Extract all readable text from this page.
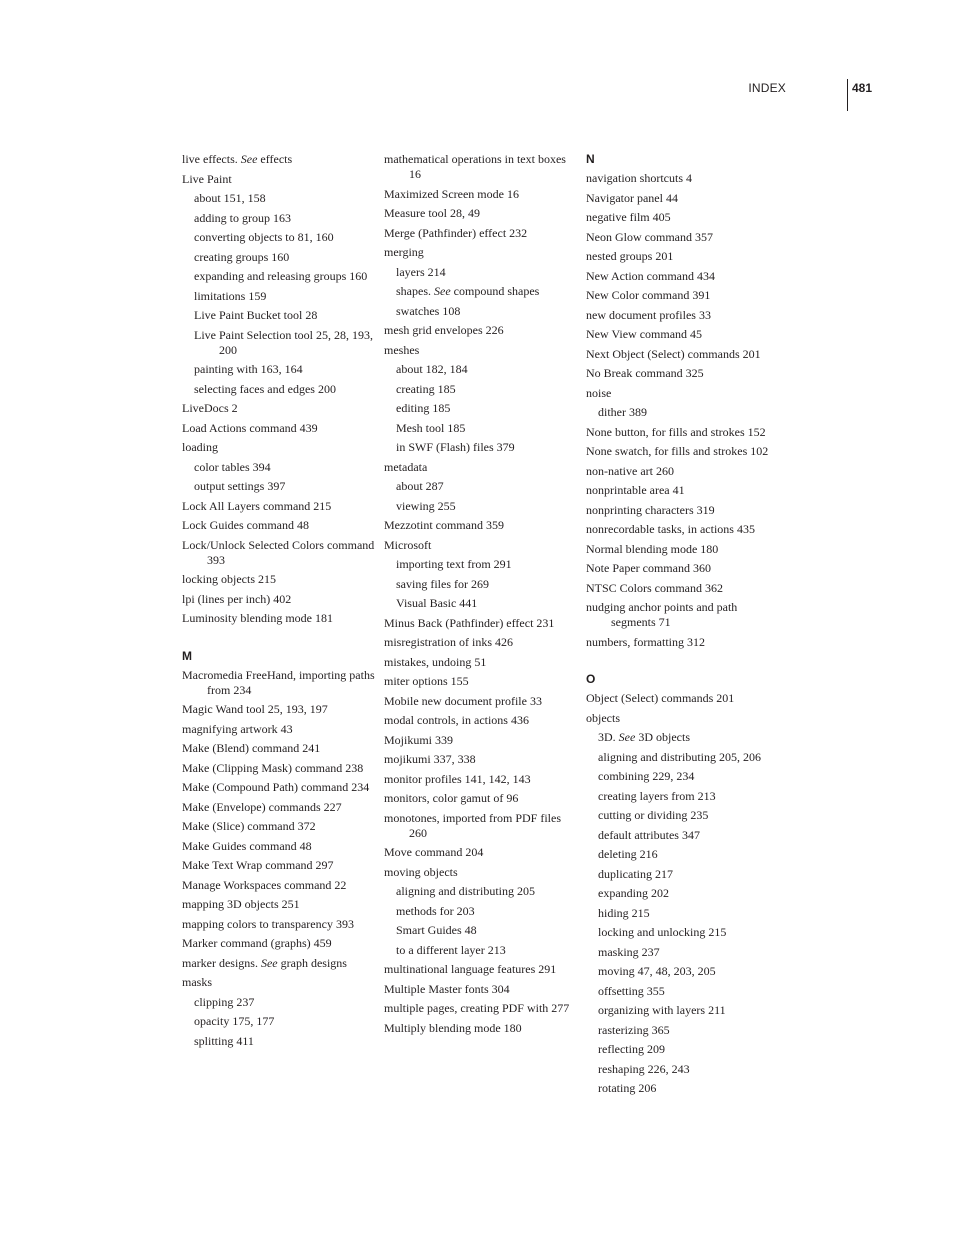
INDEX	481
live effects. See effects
Live Paint
about 151, 158
adding to group 163
converting objects to 81, 160
creating groups 160
expanding and releasing groups 160
limitations 159
Live Paint Bucket tool 28
Live Paint Selection tool 25, 28, 193, 200
painting with 163, 164
selecting faces and edges 200
LiveDocs 2
Load Actions command 439
loading
color tables 394
output settings 397
Lock All Layers command 215
Lock Guides command 48
Lock/Unlock Selected Colors command 393
locking objects 215
lpi (lines per inch) 402
Luminosity blending mode 181
M
Macromedia FreeHand, importing paths from 234
Magic Wand tool 25, 193, 197
magnifying artwork 43
Make (Blend) command 241
Make (Clipping Mask) command 238
Make (Compound Path) command 234
Make (Envelope) commands 227
Make (Slice) command 372
Make Guides command 48
Make Text Wrap command 297
Manage Workspaces command 22
mapping 3D objects 251
mapping colors to transparency 393
Marker command (graphs) 459
marker designs. See graph designs
masks
clipping 237
opacity 175, 177
splitting 411
mathematical operations in text boxes 16
Maximized Screen mode 16
Measure tool 28, 49
Merge (Pathfinder) effect 232
merging
layers 214
shapes. See compound shapes
swatches 108
mesh grid envelopes 226
meshes
about 182, 184
creating 185
editing 185
Mesh tool 185
in SWF (Flash) files 379
metadata
about 287
viewing 255
Mezzotint command 359
Microsoft
importing text from 291
saving files for 269
Visual Basic 441
Minus Back (Pathfinder) effect 231
misregistration of inks 426
mistakes, undoing 51
miter options 155
Mobile new document profile 33
modal controls, in actions 436
Mojikumi 339
mojikumi 337, 338
monitor profiles 141, 142, 143
monitors, color gamut of 96
monotones, imported from PDF files 260
Move command 204
moving objects
aligning and distributing 205
methods for 203
Smart Guides 48
to a different layer 213
multinational language features 291
Multiple Master fonts 304
multiple pages, creating PDF with 277
Multiply blending mode 180
N
navigation shortcuts 4
Navigator panel 44
negative film 405
Neon Glow command 357
nested groups 201
New Action command 434
New Color command 391
new document profiles 33
New View command 45
Next Object (Select) commands 201
No Break command 325
noise
dither 389
None button, for fills and strokes 152
None swatch, for fills and strokes 102
non-native art 260
nonprintable area 41
nonprinting characters 319
nonrecordable tasks, in actions 435
Normal blending mode 180
Note Paper command 360
NTSC Colors command 362
nudging anchor points and path segments 71
numbers, formatting 312
O
Object (Select) commands 201
objects
3D. See 3D objects
aligning and distributing 205, 206
combining 229, 234
creating layers from 213
cutting or dividing 235
default attributes 347
deleting 216
duplicating 217
expanding 202
hiding 215
locking and unlocking 215
masking 237
moving 47, 48, 203, 205
offsetting 355
organizing with layers 211
rasterizing 365
reflecting 209
reshaping 226, 243
rotating 206
